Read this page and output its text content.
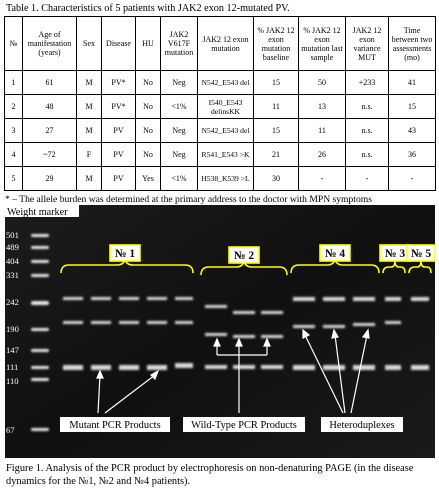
Table 1. Characteristics of 5 patients with JAK2 exon 12-mutated PV.
№	Age of manifestation (years)	Sex	Disease	HU	JAK2 V617F mutation	JAK2 12 exon mutation	% JAK2 12 exon mutation baseline	% JAK2 12 exon mutation last sample	JAK2 12 exon variance MUT	Time between two assessments (mo)
1	61	M	PV*	No	Neg	N542_E543 del	15	50	+233	41
2	48	M	PV*	No	<1%	I540_E543 delinsKK	11	13	n.s.	15
3	27	M	PV	No	Neg	N542_E543 del	15	11	n.s.	43
4	~72	F	PV	No	Neg	R541_E543 >K	21	26	n.s.	36
5	29	M	PV	Yes	<1%	H538_K539 >L	30	-	-	-
* – The allele burden was determined at the primary address to the doctor with MPN symptoms
Weight marker
501
489
404
331
242
190
147
111
110
67
№ 1	№ 2	№ 4	№ 3 № 5
Mutant PCR Products	Wild-Type PCR Products	Heteroduplexes
Figure 1. Analysis of the PCR product by electrophoresis on non-denaturing PAGE (in the disease dynamics for the №1, №2 and №4 patients).
